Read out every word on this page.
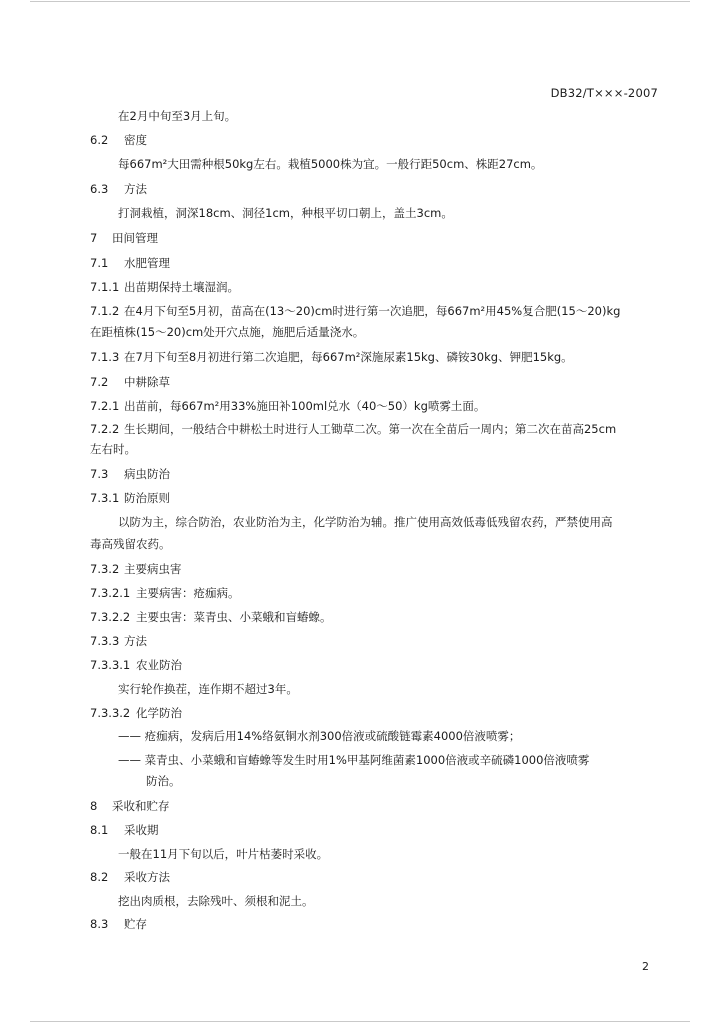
DB32/T×××-2007
在2月中旬至3月上旬。
6.2 密度
每667m²大田需种根50kg左右。栽植5000株为宜。一般行距50cm、株距27cm。
6.3 方法
打洞栽植，洞深18cm、洞径1cm，种根平切口朝上，盖土3cm。
7 田间管理
7.1 水肥管理
7.1.1 出苗期保持土壤湿润。
7.1.2 在4月下旬至5月初，苗高在(13～20)cm时进行第一次追肥，每667m²用45%复合肥(15～20)kg
在距植株(15～20)cm处开穴点施，施肥后适量浇水。
7.1.3 在7月下旬至8月初进行第二次追肥，每667m²深施尿素15kg、磷铵30kg、钾肥15kg。
7.2 中耕除草
7.2.1 出苗前，每667m²用33%施田补100ml兑水（40～50）kg喷雾土面。
7.2.2 生长期间，一般结合中耕松土时进行人工锄草二次。第一次在全苗后一周内；第二次在苗高25cm
左右时。
7.3 病虫防治
7.3.1 防治原则
以防为主，综合防治，农业防治为主，化学防治为辅。推广使用高效低毒低残留农药，严禁使用高
毒高残留农药。
7.3.2 主要病虫害
7.3.2.1 主要病害：疮痂病。
7.3.2.2 主要虫害：菜青虫、小菜蛾和盲蝽蟓。
7.3.3 方法
7.3.3.1 农业防治
实行轮作换茬，连作期不超过3年。
7.3.3.2 化学防治
—— 疮痂病，发病后用14%络氨铜水剂300倍液或硫酸链霉素4000倍液喷雾；
—— 菜青虫、小菜蛾和盲蝽蟓等发生时用1%甲基阿维菌素1000倍液或辛硫磷1000倍液喷雾
防治。
8 采收和贮存
8.1 采收期
一般在11月下旬以后，叶片枯萎时采收。
8.2 采收方法
挖出肉质根，去除残叶、须根和泥土。
8.3 贮存
2
